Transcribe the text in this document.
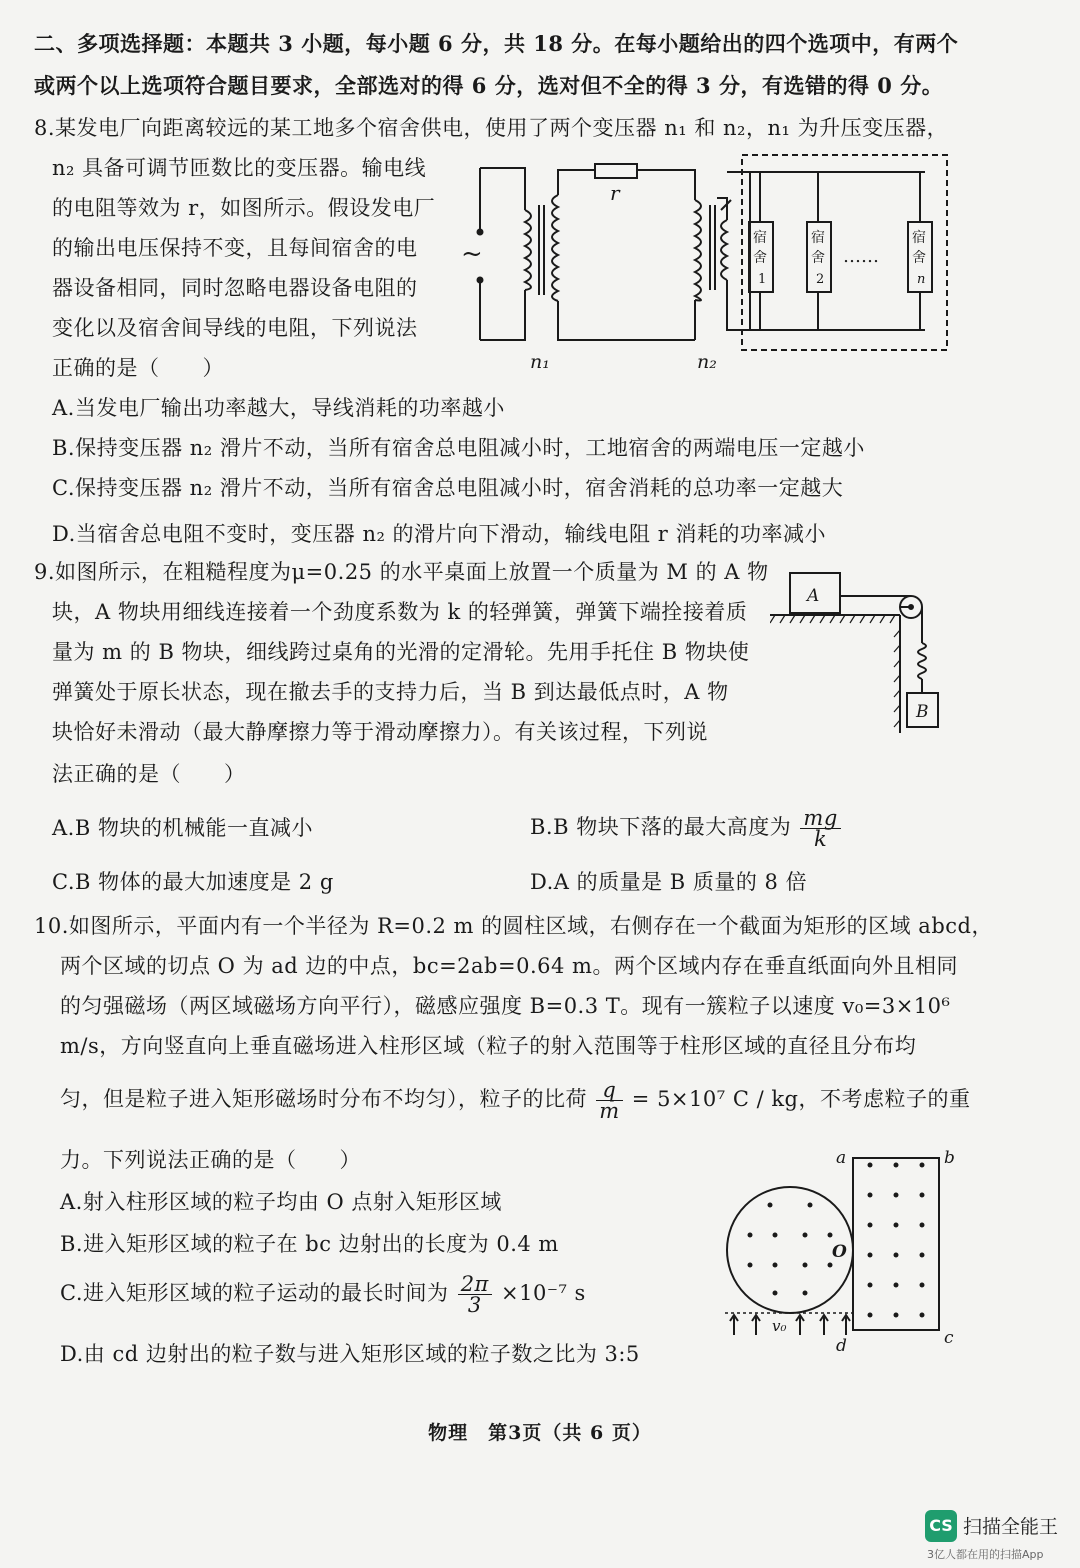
二、多项选择题：本题共 3 小题，每小题 6 分，共 18 分。在每小题给出的四个选项中，有两个
或两个以上选项符合题目要求，全部选对的得 6 分，选对但不全的得 3 分，有选错的得 0 分。
8.某发电厂向距离较远的某工地多个宿舍供电，使用了两个变压器 n₁ 和 n₂，n₁ 为升压变压器，
n₂ 具备可调节匝数比的变压器。输电线
的电阻等效为 r，如图所示。假设发电厂
的输出电压保持不变，且每间宿舍的电
器设备相同，同时忽略电器设备电阻的
变化以及宿舍间导线的电阻，下列说法
正确的是（　　）
~
r
n₁	n₂
宿
舍
1
宿
舍
2
宿
舍
n
……
A.当发电厂输出功率越大，导线消耗的功率越小
B.保持变压器 n₂ 滑片不动，当所有宿舍总电阻减小时，工地宿舍的两端电压一定越小
C.保持变压器 n₂ 滑片不动，当所有宿舍总电阻减小时，宿舍消耗的总功率一定越大
D.当宿舍总电阻不变时，变压器 n₂ 的滑片向下滑动，输线电阻 r 消耗的功率减小
9.如图所示，在粗糙程度为μ=0.25 的水平桌面上放置一个质量为 M 的 A 物
块，A 物块用细线连接着一个劲度系数为 k 的轻弹簧，弹簧下端拴接着质
量为 m 的 B 物块，细线跨过桌角的光滑的定滑轮。先用手托住 B 物块使
弹簧处于原长状态，现在撤去手的支持力后，当 B 到达最低点时，A 物
块恰好未滑动（最大静摩擦力等于滑动摩擦力）。有关该过程，下列说
法正确的是（　　）
A
B
A.B 物块的机械能一直减小	B.B 物块下落的最大高度为 $\frac{mg}{k}$
C.B 物体的最大加速度是 2 g	D.A 的质量是 B 质量的 8 倍
10.如图所示，平面内有一个半径为 R=0.2 m 的圆柱区域，右侧存在一个截面为矩形的区域 abcd，
两个区域的切点 O 为 ad 边的中点，bc=2ab=0.64 m。两个区域内存在垂直纸面向外且相同
的匀强磁场（两区域磁场方向平行），磁感应强度 B=0.3 T。现有一簇粒子以速度 v₀=3×10⁶
m/s，方向竖直向上垂直磁场进入柱形区域（粒子的射入范围等于柱形区域的直径且分布均
匀，但是粒子进入矩形磁场时分布不均匀），粒子的比荷 $\frac{q}{m} = 5\times 10^7$ C / kg，不考虑粒子的重
力。下列说法正确的是（　　）
A.射入柱形区域的粒子均由 O 点射入矩形区域
B.进入矩形区域的粒子在 bc 边射出的长度为 0.4 m
C.进入矩形区域的粒子运动的最长时间为 $\frac{2\pi}{3} \times 10^{-7}$ s
D.由 cd 边射出的粒子数与进入矩形区域的粒子数之比为 3:5
a	b
c
d
O
v₀
物理　第3页（共 6 页）
CS 扫描全能王
3亿人都在用的扫描App
